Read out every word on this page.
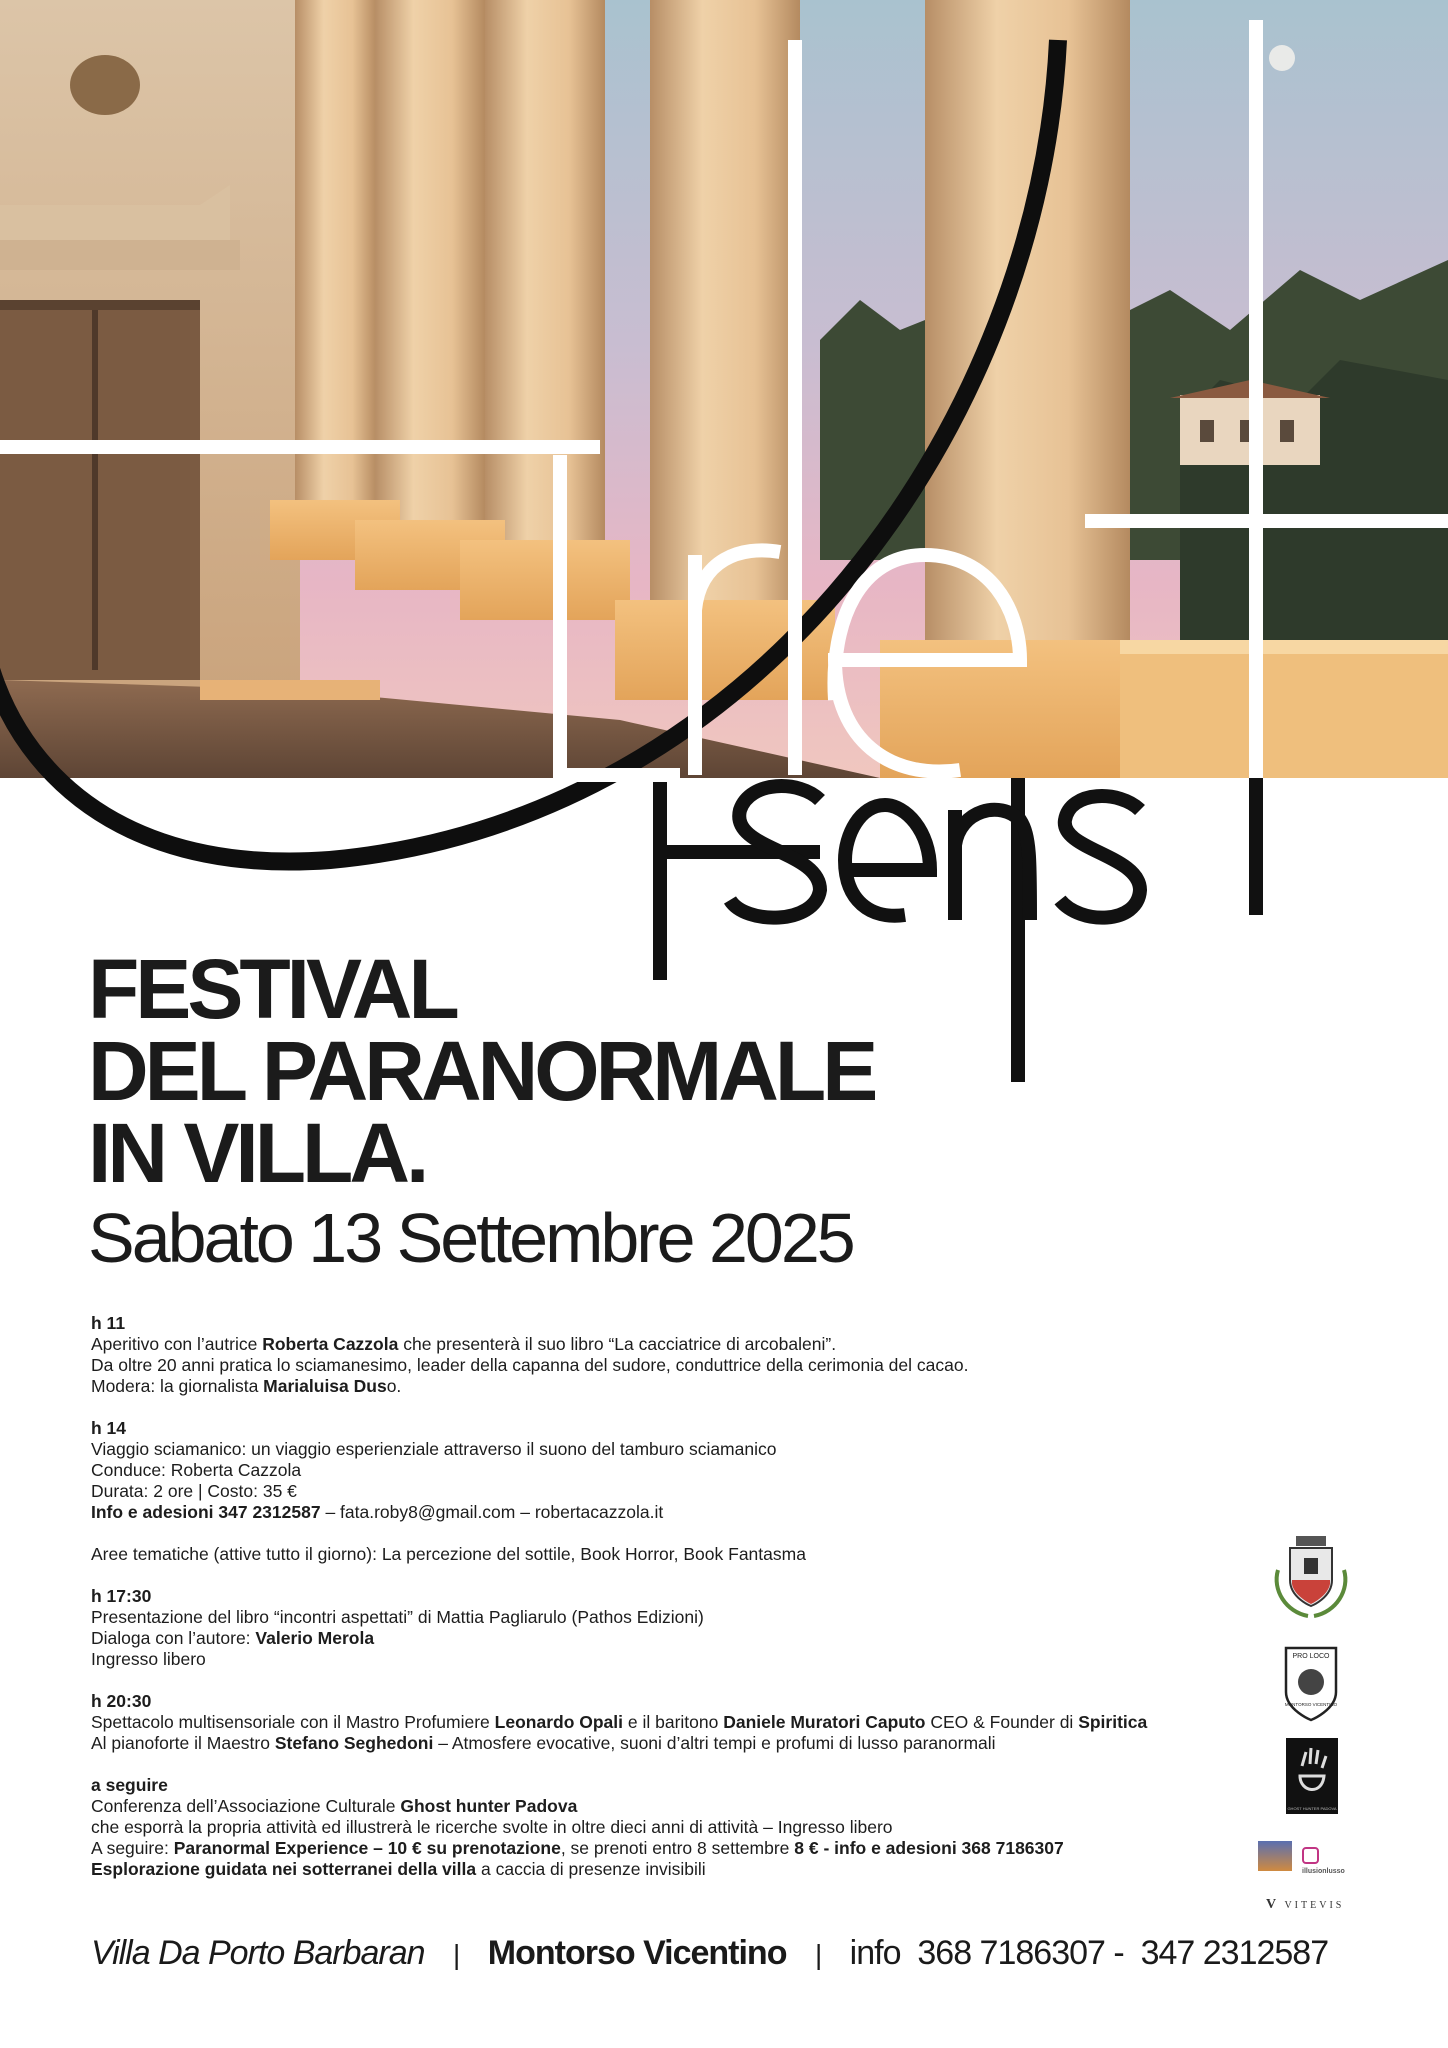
FESTIVAL
DEL PARANORMALE
IN VILLA.
Sabato 13 Settembre 2025
h 11
Aperitivo con l’autrice Roberta Cazzola che presenterà il suo libro “La cacciatrice di arcobaleni”.
Da oltre 20 anni pratica lo sciamanesimo, leader della capanna del sudore, conduttrice della cerimonia del cacao.
Modera: la giornalista Marialuisa Duso.
h 14
Viaggio sciamanico: un viaggio esperienziale attraverso il suono del tamburo sciamanico
Conduce: Roberta Cazzola
Durata: 2 ore | Costo: 35 €
Info e adesioni 347 2312587 – fata.roby8@gmail.com – robertacazzola.it
Aree tematiche (attive tutto il giorno): La percezione del sottile, Book Horror, Book Fantasma
h 17:30
Presentazione del libro “incontri aspettati” di Mattia Pagliarulo (Pathos Edizioni)
Dialoga con l’autore: Valerio Merola
Ingresso libero
h 20:30
Spettacolo multisensoriale con il Mastro Profumiere Leonardo Opali e il baritono Daniele Muratori Caputo CEO & Founder di Spiritica
Al pianoforte il Maestro Stefano Seghedoni – Atmosfere evocative, suoni d’altri tempi e profumi di lusso paranormali
a seguire
Conferenza dell’Associazione Culturale Ghost hunter Padova
che esporrà la propria attività ed illustrerà le ricerche svolte in oltre dieci anni di attività – Ingresso libero
A seguire: Paranormal Experience – 10 € su prenotazione, se prenoti entro 8 settembre 8 € - info e adesioni 368 7186307
Esplorazione guidata nei sotterranei della villa a caccia di presenze invisibili
PRO LOCO
MONTORSO VICENTINO
GHOST HUNTER PADOVA
illusionlusso
V VITEVIS
Villa Da Porto Barbaran | Montorso Vicentino | info  368 7186307 -  347 2312587
